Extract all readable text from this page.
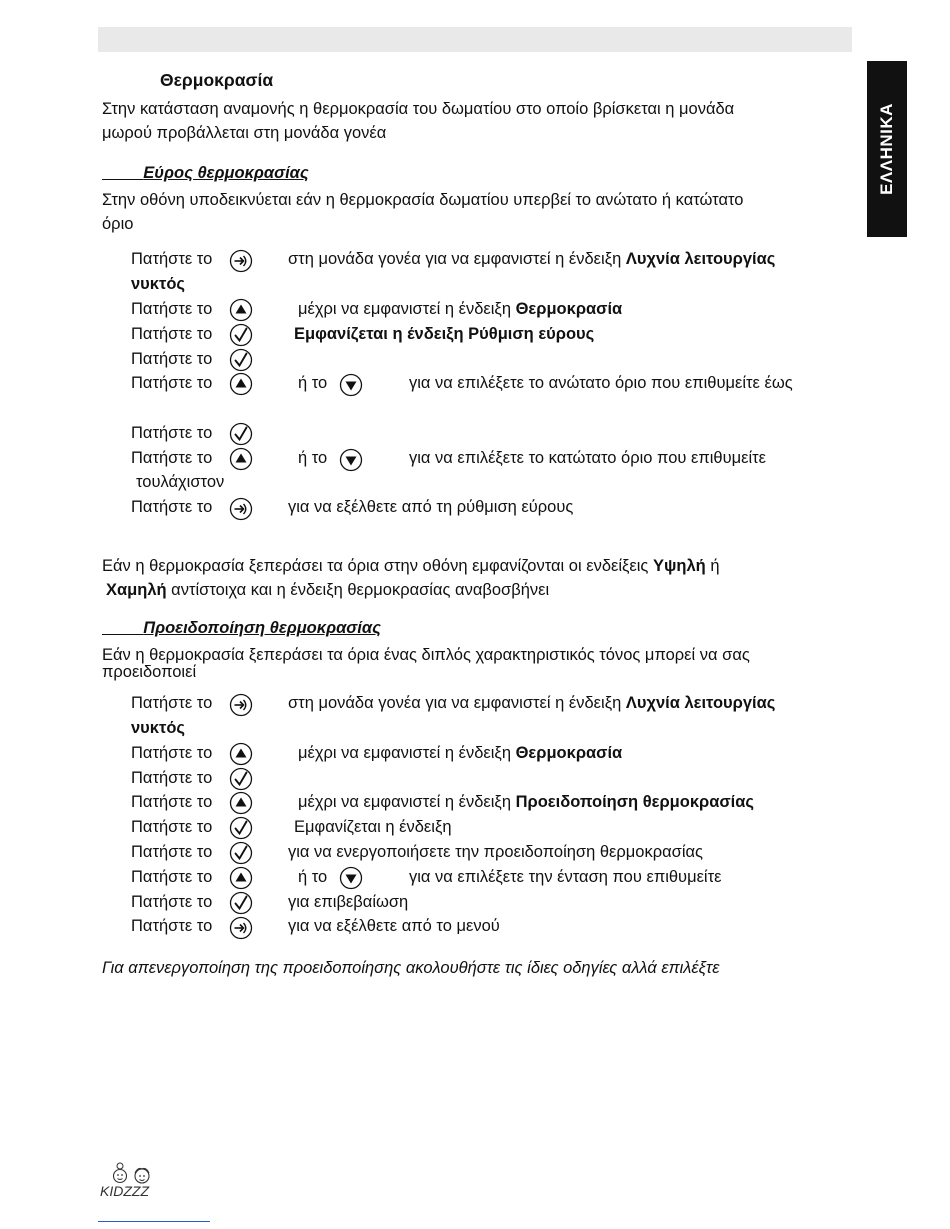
ΕΛΛΗΝΙΚΑ
Θερμοκρασία
Στην κατάσταση αναμονής η θερμοκρασία του δωματίου στο οποίο βρίσκεται η μονάδα
μωρού προβάλλεται στη μονάδα γονέα
Εύρος θερμοκρασίας
Στην οθόνη υποδεικνύεται εάν η θερμοκρασία δωματίου υπερβεί το ανώτατο ή κατώτατο
όριο
Πατήστε το	στη μονάδα γονέα για να εμφανιστεί η ένδειξη Λυχνία λειτουργίας
νυκτός
Πατήστε το	μέχρι να εμφανιστεί η ένδειξη Θερμοκρασία
Πατήστε το	Εμφανίζεται η ένδειξη Ρύθμιση εύρους
Πατήστε το
Πατήστε το	ή το	για να επιλέξετε το ανώτατο όριο που επιθυμείτε έως
Πατήστε το
Πατήστε το	ή το	για να επιλέξετε το κατώτατο όριο που επιθυμείτε
τουλάχιστον
Πατήστε το	για να εξέλθετε από τη ρύθμιση εύρους
Εάν η θερμοκρασία ξεπεράσει τα όρια στην οθόνη εμφανίζονται οι ενδείξεις Υψηλή ή
Χαμηλή αντίστοιχα και η ένδειξη θερμοκρασίας αναβοσβήνει
Προειδοποίηση θερμοκρασίας
Εάν η θερμοκρασία ξεπεράσει τα όρια ένας διπλός χαρακτηριστικός τόνος μπορεί να σας
προειδοποιεί
Πατήστε το	στη μονάδα γονέα για να εμφανιστεί η ένδειξη Λυχνία λειτουργίας
νυκτός
Πατήστε το	μέχρι να εμφανιστεί η ένδειξη Θερμοκρασία
Πατήστε το
Πατήστε το	μέχρι να εμφανιστεί η ένδειξη Προειδοποίηση θερμοκρασίας
Πατήστε το	Εμφανίζεται η ένδειξη
Πατήστε το	για να ενεργοποιήσετε την προειδοποίηση θερμοκρασίας
Πατήστε το	ή το	για να επιλέξετε την ένταση που επιθυμείτε
Πατήστε το	για επιβεβαίωση
Πατήστε το	για να εξέλθετε από το μενού
Για απενεργοποίηση της προειδοποίησης ακολουθήστε τις ίδιες οδηγίες αλλά επιλέξτε
KIDZZZ
